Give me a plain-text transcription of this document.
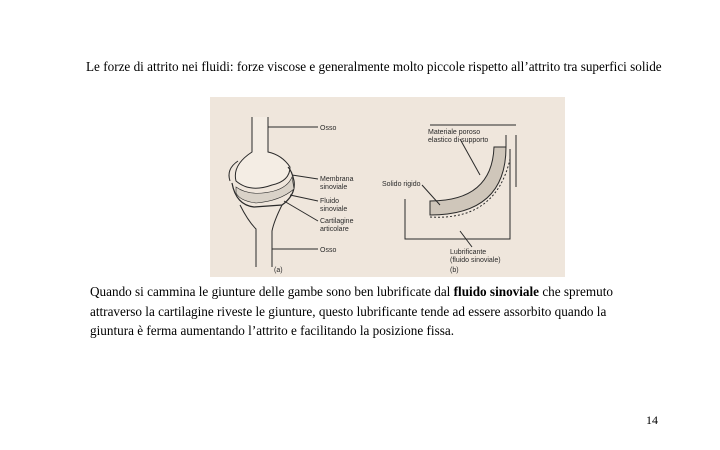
Le forze di attrito nei fluidi: forze viscose e generalmente molto piccole rispetto all’attrito tra superfici solide
Osso
Membrana
sinoviale
Fluido
sinoviale
Cartilagine
articolare
Osso
(a)
Materiale poroso
elastico di supporto
Solido rigido
Lubrificante
(fluido sinoviale)
(b)
Quando si cammina le giunture delle gambe sono ben lubrificate dal fluido sinoviale che spremuto attraverso la cartilagine riveste le giunture, questo lubrificante tende ad essere assorbito quando la giuntura è ferma aumentando l’attrito e facilitando la posizione fissa.
14
